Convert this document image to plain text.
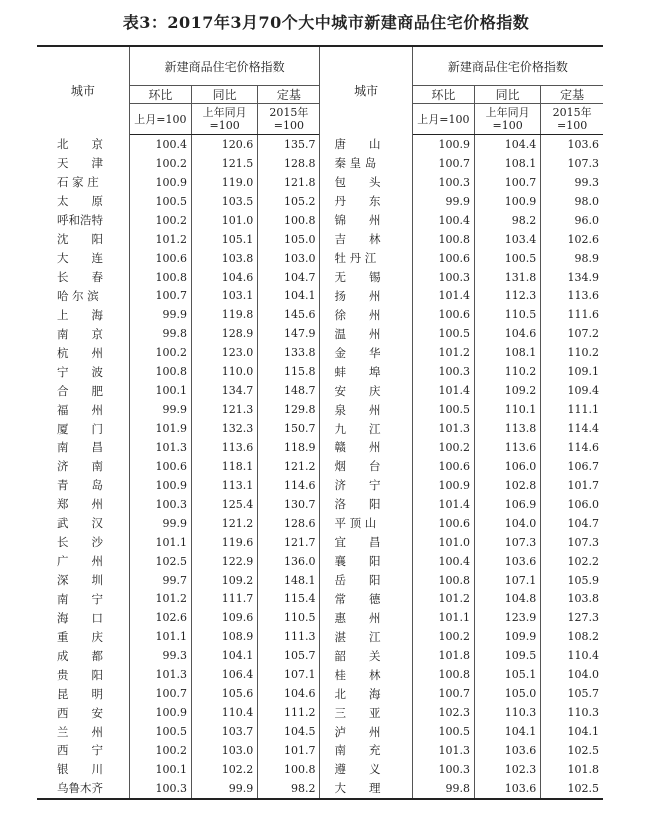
表3：2017年3月70个大中城市新建商品住宅价格指数
城市	新建商品住宅价格指数			城市	新建商品住宅价格指数		
	环比	同比	定基		环比	同比	定基
	上月=100	上年同月=100	2015年=100		上月=100	上年同月=100	2015年=100
北　　京	100.4	120.6	135.7	唐　　山	100.9	104.4	103.6
天　　津	100.2	121.5	128.8	秦 皇 岛	100.7	108.1	107.3
石 家 庄	100.9	119.0	121.8	包　　头	100.3	100.7	99.3
太　　原	100.5	103.5	105.2	丹　　东	99.9	100.9	98.0
呼和浩特	100.2	101.0	100.8	锦　　州	100.4	98.2	96.0
沈　　阳	101.2	105.1	105.0	吉　　林	100.8	103.4	102.6
大　　连	100.6	103.8	103.0	牡 丹 江	100.6	100.5	98.9
长　　春	100.8	104.6	104.7	无　　锡	100.3	131.8	134.9
哈 尔 滨	100.7	103.1	104.1	扬　　州	101.4	112.3	113.6
上　　海	99.9	119.8	145.6	徐　　州	100.6	110.5	111.6
南　　京	99.8	128.9	147.9	温　　州	100.5	104.6	107.2
杭　　州	100.2	123.0	133.8	金　　华	101.2	108.1	110.2
宁　　波	100.8	110.0	115.8	蚌　　埠	100.3	110.2	109.1
合　　肥	100.1	134.7	148.7	安　　庆	101.4	109.2	109.4
福　　州	99.9	121.3	129.8	泉　　州	100.5	110.1	111.1
厦　　门	101.9	132.3	150.7	九　　江	101.3	113.8	114.4
南　　昌	101.3	113.6	118.9	赣　　州	100.2	113.6	114.6
济　　南	100.6	118.1	121.2	烟　　台	100.6	106.0	106.7
青　　岛	100.9	113.1	114.6	济　　宁	100.9	102.8	101.7
郑　　州	100.3	125.4	130.7	洛　　阳	101.4	106.9	106.0
武　　汉	99.9	121.2	128.6	平 顶 山	100.6	104.0	104.7
长　　沙	101.1	119.6	121.7	宜　　昌	101.0	107.3	107.3
广　　州	102.5	122.9	136.0	襄　　阳	100.4	103.6	102.2
深　　圳	99.7	109.2	148.1	岳　　阳	100.8	107.1	105.9
南　　宁	101.2	111.7	115.4	常　　德	101.2	104.8	103.8
海　　口	102.6	109.6	110.5	惠　　州	101.1	123.9	127.3
重　　庆	101.1	108.9	111.3	湛　　江	100.2	109.9	108.2
成　　都	99.3	104.1	105.7	韶　　关	101.8	109.5	110.4
贵　　阳	101.3	106.4	107.1	桂　　林	100.8	105.1	104.0
昆　　明	100.7	105.6	104.6	北　　海	100.7	105.0	105.7
西　　安	100.9	110.4	111.2	三　　亚	102.3	110.3	110.3
兰　　州	100.5	103.7	104.5	泸　　州	100.5	104.1	104.1
西　　宁	100.2	103.0	101.7	南　　充	101.3	103.6	102.5
银　　川	100.1	102.2	100.8	遵　　义	100.3	102.3	101.8
乌鲁木齐	100.3	99.9	98.2	大　　理	99.8	103.6	102.5
